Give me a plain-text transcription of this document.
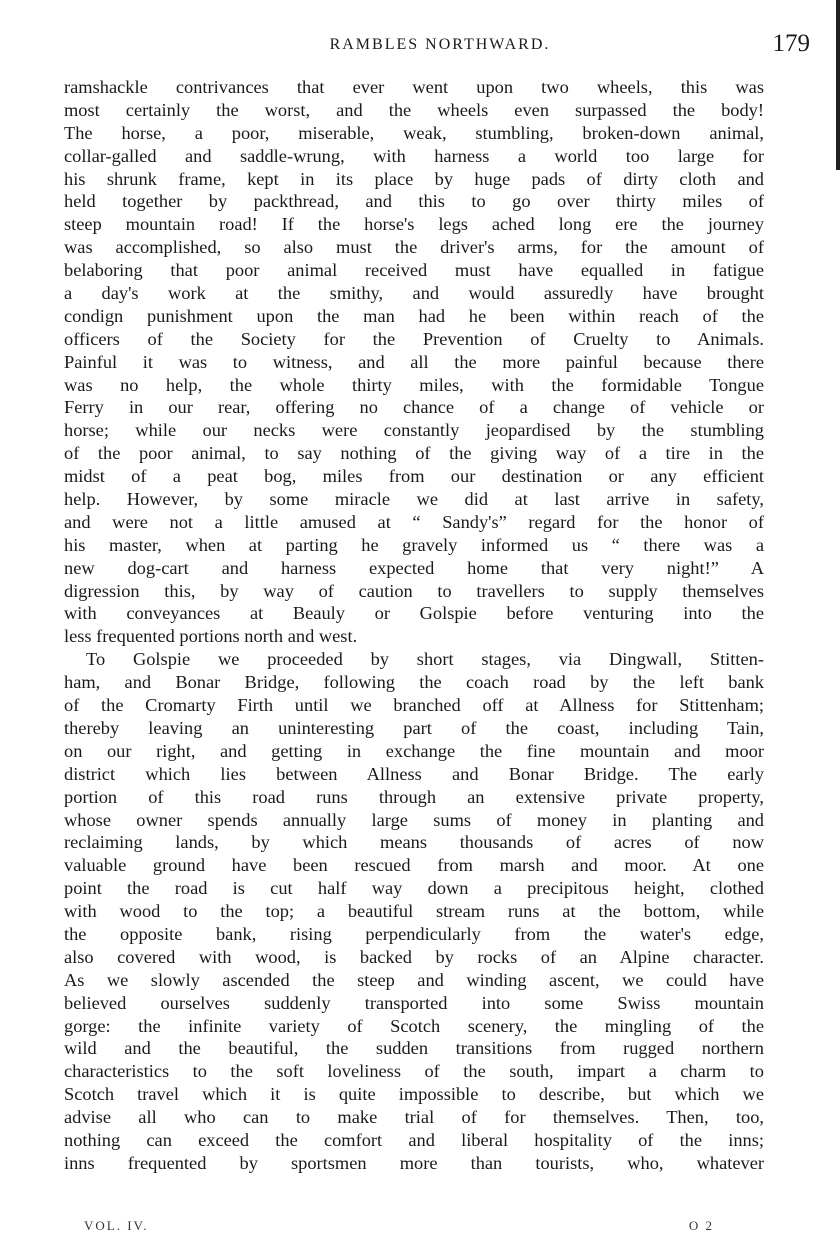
RAMBLES NORTHWARD.	179
ramshackle contrivances that ever went upon two wheels, this was
most certainly the worst, and the wheels even surpassed the body!
The horse, a poor, miserable, weak, stumbling, broken-down animal,
collar-galled and saddle-wrung, with harness a world too large for
his shrunk frame, kept in its place by huge pads of dirty cloth and
held together by packthread, and this to go over thirty miles of
steep mountain road! If the horse's legs ached long ere the journey
was accomplished, so also must the driver's arms, for the amount of
belaboring that poor animal received must have equalled in fatigue
a day's work at the smithy, and would assuredly have brought
condign punishment upon the man had he been within reach of the
officers of the Society for the Prevention of Cruelty to Animals.
Painful it was to witness, and all the more painful because there
was no help, the whole thirty miles, with the formidable Tongue
Ferry in our rear, offering no chance of a change of vehicle or
horse; while our necks were constantly jeopardised by the stumbling
of the poor animal, to say nothing of the giving way of a tire in the
midst of a peat bog, miles from our destination or any efficient
help. However, by some miracle we did at last arrive in safety,
and were not a little amused at “ Sandy's” regard for the honor of
his master, when at parting he gravely informed us “ there was a
new dog-cart and harness expected home that very night!” A
digression this, by way of caution to travellers to supply themselves
with conveyances at Beauly or Golspie before venturing into the
less frequented portions north and west.
To Golspie we proceeded by short stages, via Dingwall, Stitten-
ham, and Bonar Bridge, following the coach road by the left bank
of the Cromarty Firth until we branched off at Allness for Stittenham;
thereby leaving an uninteresting part of the coast, including Tain,
on our right, and getting in exchange the fine mountain and moor
district which lies between Allness and Bonar Bridge. The early
portion of this road runs through an extensive private property,
whose owner spends annually large sums of money in planting and
reclaiming lands, by which means thousands of acres of now
valuable ground have been rescued from marsh and moor. At one
point the road is cut half way down a precipitous height, clothed
with wood to the top; a beautiful stream runs at the bottom, while
the opposite bank, rising perpendicularly from the water's edge,
also covered with wood, is backed by rocks of an Alpine character.
As we slowly ascended the steep and winding ascent, we could have
believed ourselves suddenly transported into some Swiss mountain
gorge: the infinite variety of Scotch scenery, the mingling of the
wild and the beautiful, the sudden transitions from rugged northern
characteristics to the soft loveliness of the south, impart a charm to
Scotch travel which it is quite impossible to describe, but which we
advise all who can to make trial of for themselves. Then, too,
nothing can exceed the comfort and liberal hospitality of the inns;
inns frequented by sportsmen more than tourists, who, whatever
VOL. IV.	O 2
